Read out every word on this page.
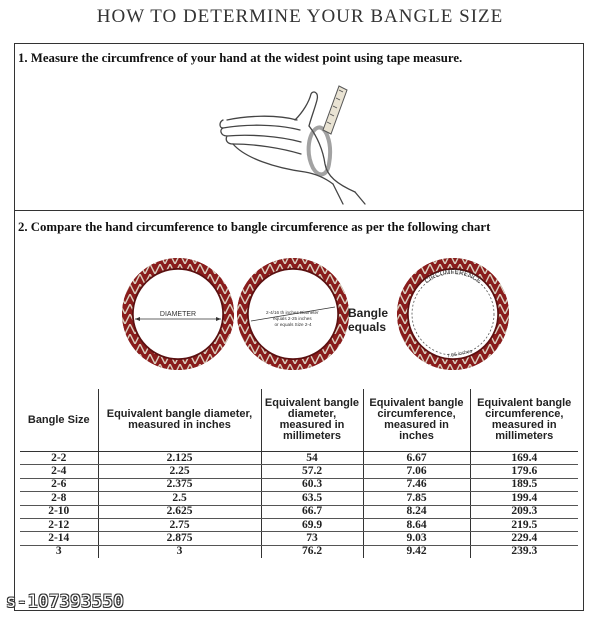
HOW TO DETERMINE YOUR BANGLE SIZE
1. Measure the circumfrence of your hand at the widest point using tape measure.
2. Compare the hand circumference to bangle circumference as per the following chart
DIAMETER	2-4/16 th inches Diameter equals 2-25 inches or equals Size 2-4
CIRCUMFERENCE
7.06 inches
Bangle
equals
Bangle Size	Equivalent bangle diameter, measured in inches	Equivalent bangle diameter, measured in millimeters	Equivalent bangle circumference, measured in inches	Equivalent bangle circumference, measured in millimeters
2-2	2.125	54	6.67	169.4
2-4	2.25	57.2	7.06	179.6
2-6	2.375	60.3	7.46	189.5
2-8	2.5	63.5	7.85	199.4
2-10	2.625	66.7	8.24	209.3
2-12	2.75	69.9	8.64	219.5
2-14	2.875	73	9.03	229.4
3	3	76.2	9.42	239.3
s-107393550
